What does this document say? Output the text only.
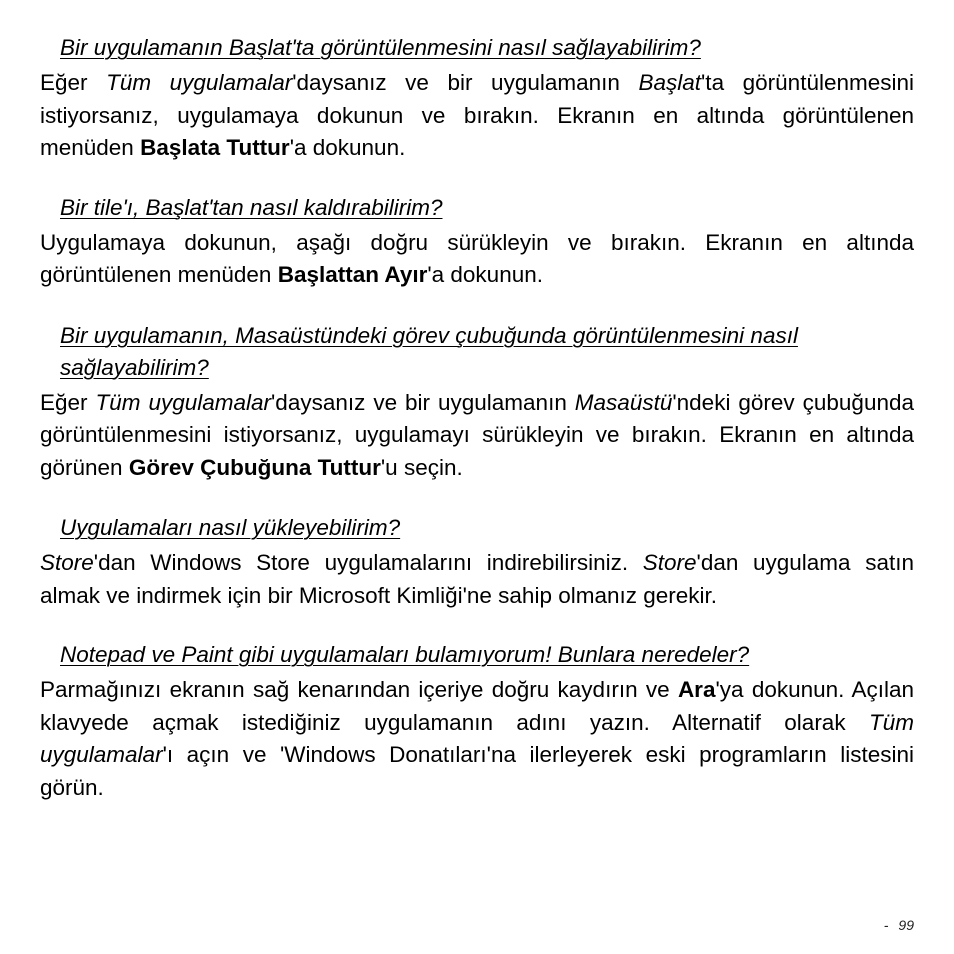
Bir uygulamanın Başlat'ta görüntülenmesini nasıl sağlayabilirim?

Eğer Tüm uygulamalar'daysanız ve bir uygulamanın Başlat'ta görüntülenmesini istiyorsanız, uygulamaya dokunun ve bırakın. Ekranın en altında görüntülenen menüden Başlata Tuttur'a dokunun.

Bir tile'ı, Başlat'tan nasıl kaldırabilirim?

Uygulamaya dokunun, aşağı doğru sürükleyin ve bırakın. Ekranın en altında görüntülenen menüden Başlattan Ayır'a dokunun.

Bir uygulamanın, Masaüstündeki görev çubuğunda görüntülenmesini nasıl sağlayabilirim?

Eğer Tüm uygulamalar'daysanız ve bir uygulamanın Masaüstü'ndeki görev çubuğunda görüntülenmesini istiyorsanız, uygulamayı sürükleyin ve bırakın. Ekranın en altında görünen Görev Çubuğuna Tuttur'u seçin.

Uygulamaları nasıl yükleyebilirim?

Store'dan Windows Store uygulamalarını indirebilirsiniz. Store'dan uygulama satın almak ve indirmek için bir Microsoft Kimliği'ne sahip olmanız gerekir.

Notepad ve Paint gibi uygulamaları bulamıyorum! Bunlara neredeler?

Parmağınızı ekranın sağ kenarından içeriye doğru kaydırın ve Ara'ya dokunun. Açılan klavyede açmak istediğiniz uygulamanın adını yazın. Alternatif olarak Tüm uygulamalar'ı açın ve 'Windows Donatıları'na ilerleyerek eski programların listesini görün.

- 99
